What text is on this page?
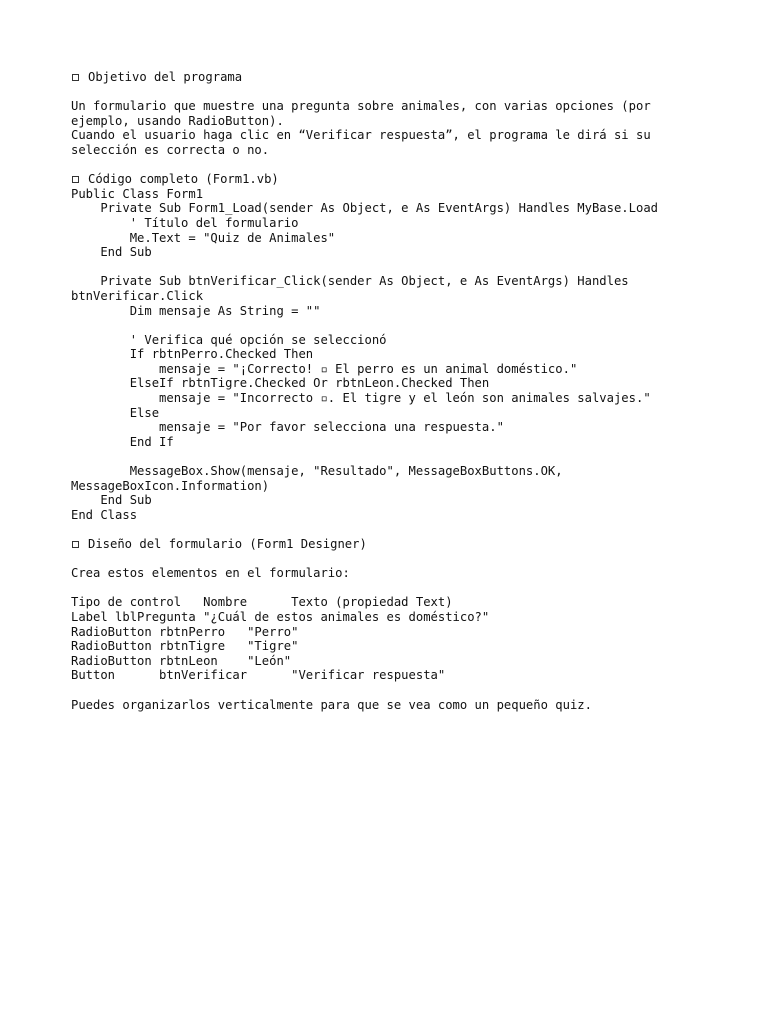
Objetivo del programa
Un formulario que muestre una pregunta sobre animales, con varias opciones (por
ejemplo, usando RadioButton).
Cuando el usuario haga clic en “Verificar respuesta”, el programa le dirá si su
selección es correcta o no.
Código completo (Form1.vb)
Public Class Form1
Private Sub Form1_Load(sender As Object, e As EventArgs) Handles MyBase.Load
' Título del formulario
Me.Text = "Quiz de Animales"
End Sub
Private Sub btnVerificar_Click(sender As Object, e As EventArgs) Handles
btnVerificar.Click
Dim mensaje As String = ""
' Verifica qué opción se seleccionó
If rbtnPerro.Checked Then
mensaje = "¡Correcto! ▫ El perro es un animal doméstico."
ElseIf rbtnTigre.Checked Or rbtnLeon.Checked Then
mensaje = "Incorrecto ▫. El tigre y el león son animales salvajes."
Else
mensaje = "Por favor selecciona una respuesta."
End If
MessageBox.Show(mensaje, "Resultado", MessageBoxButtons.OK,
MessageBoxIcon.Information)
End Sub
End Class
Diseño del formulario (Form1 Designer)
Crea estos elementos en el formulario:
Tipo de control   Nombre      Texto (propiedad Text)
Label lblPregunta "¿Cuál de estos animales es doméstico?"
RadioButton rbtnPerro   "Perro"
RadioButton rbtnTigre   "Tigre"
RadioButton rbtnLeon    "León"
Button      btnVerificar      "Verificar respuesta"
Puedes organizarlos verticalmente para que se vea como un pequeño quiz.
